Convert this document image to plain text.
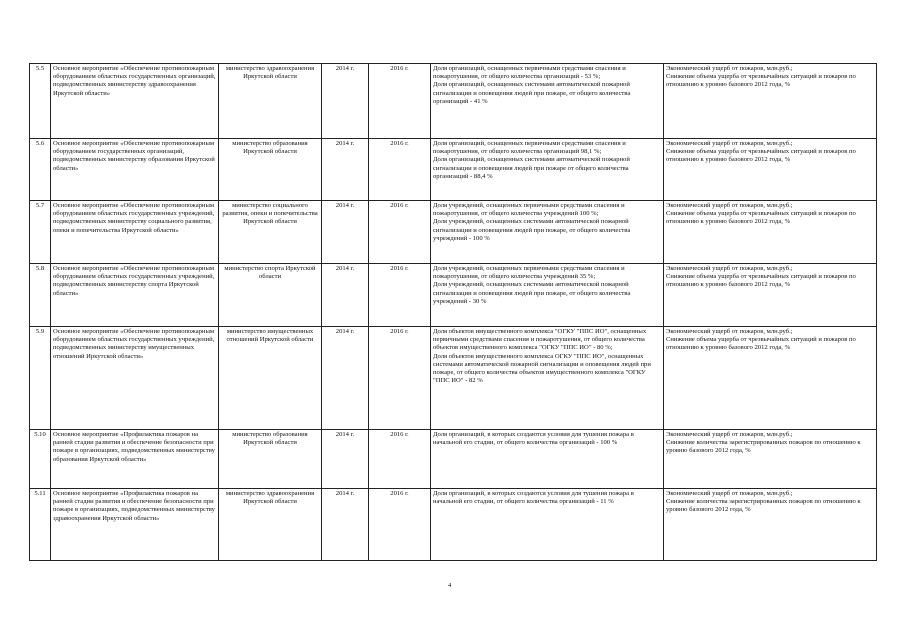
5.5	Основное мероприятие «Обеспечение противопожарным оборудованием областных государственных организаций, подведомственных министерству здравоохранения Иркутской области»	министерство здравоохранения Иркутской области	2014 г.	2016 г.	Доля организаций, оснащенных первичными средствами спасения и пожаротушения, от общего количества организаций - 53 %;
Доля организаций, оснащенных системами автоматической пожарной сигнализации и оповещения людей при пожаре, от общего количества организаций - 41 %	Экономический ущерб от пожаров, млн.руб.;
Снижение объема ущерба от чрезвычайных ситуаций и пожаров по отношению к уровню базового 2012 года, %

5.6	Основное мероприятие «Обеспечение противопожарным оборудованием государственных организаций, подведомственных министерству образования Иркутской области»	министерство образования Иркутской области	2014 г.	2016 г.	Доля организаций, оснащенных первичными средствами спасения и пожаротушения, от общего количества организаций 98,1 %;
Доля организаций, оснащенных системами автоматической пожарной сигнализации и оповещения людей при пожаре от общего количества организаций - 88,4 %	Экономический ущерб от пожаров, млн.руб.;
Снижение объема ущерба от чрезвычайных ситуаций и пожаров по отношению к уровню базового 2012 года, %

5.7	Основное мероприятие «Обеспечение противопожарным оборудованием областных государственных учреждений, подведомственных министерству социального развития, опеки и попечительства Иркутской области»	министерство социального развития, опеки и попечительства Иркутской области	2014 г.	2016 г.	Доля учреждений, оснащенных первичными средствами спасения и пожаротушения, от общего количества учреждений 100 %;
Доля учреждений, оснащенных системами автоматической пожарной сигнализации и оповещения людей при пожаре, от общего количества учреждений - 100 %	Экономический ущерб от пожаров, млн.руб.;
Снижение объема ущерба от чрезвычайных ситуаций и пожаров по отношению к уровню базового 2012 года, %

5.8	Основное мероприятие «Обеспечение противопожарным оборудованием областных государственных учреждений, подведомственных министерству спорта Иркутской области»	министерство спорта Иркутской области	2014 г.	2016 г.	Доля учреждений, оснащенных первичными средствами спасения и пожаротушения, от общего количества учреждений 35 %;
Доля учреждений, оснащенных системами автоматической пожарной сигнализации и оповещения людей при пожаре, от общего количества учреждений - 30 %	Экономический ущерб от пожаров, млн.руб.;
Снижение объема ущерба от чрезвычайных ситуаций и пожаров по отношению к уровню базового 2012 года, %

5.9	Основное мероприятие «Обеспечение противопожарным оборудованием областных государственных учреждений, подведомственных министерству имущественных отношений Иркутской области»	министерство имущественных отношений Иркутской области	2014 г.	2016 г.	Доля объектов имущественного комплекса "ОГКУ "ППС ИО", оснащенных первичными средствами спасения и пожаротушения, от общего количества объектов имущественного комплекса "ОГКУ "ППС ИО" - 80 %;
Доля объектов имущественного комплекса ОГКУ "ППС ИО", оснащенных системами автоматической пожарной сигнализации и оповещения людей при пожаре, от общего количества объектов имущественного комплекса "ОГКУ "ППС ИО" - 82 %	Экономический ущерб от пожаров, млн.руб.;
Снижение объема ущерба от чрезвычайных ситуаций и пожаров по отношению к уровню базового 2012 года, %

5.10	Основное мероприятие «Профилактика пожаров на ранней стадии развития и обеспечение безопасности при пожаре в организациях, подведомственных министерству образования Иркутской области»	министерство образования Иркутской области	2014 г.	2016 г.	Доля организаций, в которых создаются условия для тушения пожара в начальной его стадии, от общего количества организаций - 100 %	Экономический ущерб от пожаров, млн.руб.;
Снижение количества зарегистрированных пожаров по отношению к уровню базового 2012 года, %

5.11	Основное мероприятие «Профилактика пожаров на ранней стадии развития и обеспечение безопасности при пожаре в организациях, подведомственных министерству здравоохранения Иркутской области»	министерство здравоохранения Иркутской области	2014 г.	2016 г.	Доля организаций, в которых создаются условия для тушения пожара в начальной его стадии, от общего количества организаций - 11 %	Экономический ущерб от пожаров, млн.руб.;
Снижение количества зарегистрированных пожаров по отношению к уровню базового 2012 года, %
4
